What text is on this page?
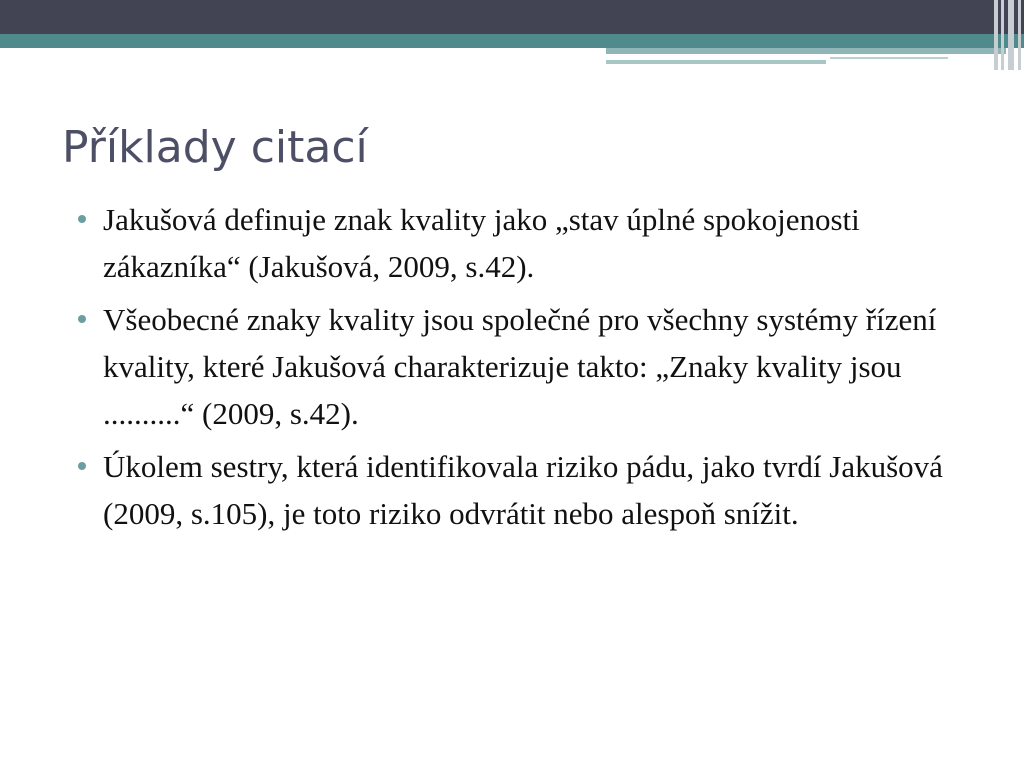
Příklady citací
Jakušová definuje znak kvality jako „stav úplné spokojenosti zákazníka“ (Jakušová, 2009, s.42).
Všeobecné znaky kvality jsou společné pro všechny systémy řízení kvality, které Jakušová charakterizuje takto: „Znaky kvality jsou ..........“ (2009, s.42).
Úkolem sestry, která identifikovala riziko pádu, jako tvrdí Jakušová (2009, s.105), je toto riziko odvrátit nebo alespoň snížit.
